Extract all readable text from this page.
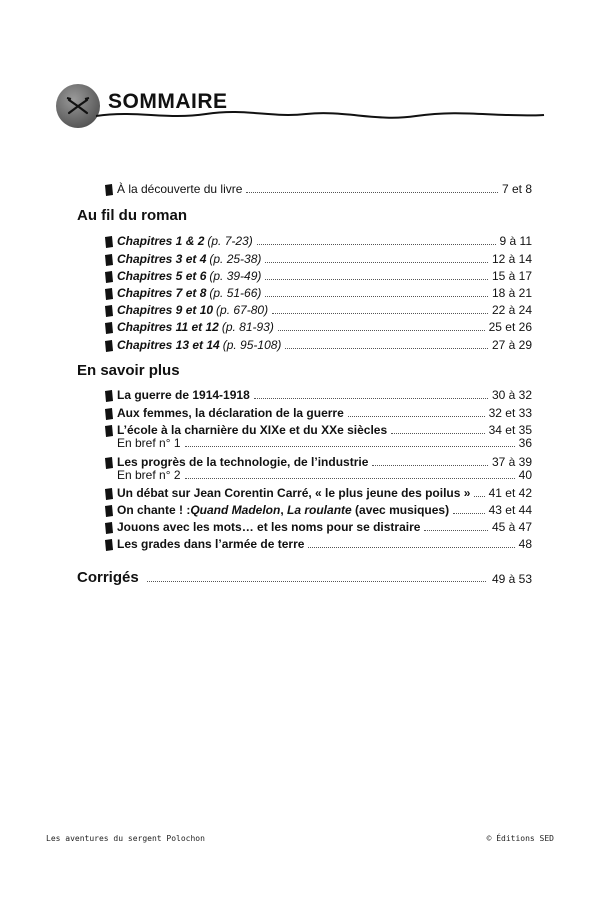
SOMMAIRE
À la découverte du livre	7 et 8
Au fil du roman
Chapitres 1 & 2 (p. 7-23)	9 à 11
Chapitres 3 et 4 (p. 25-38)	12 à 14
Chapitres 5 et 6 (p. 39-49)	15 à 17
Chapitres 7 et 8 (p. 51-66)	18 à 21
Chapitres 9 et 10 (p. 67-80)	22 à 24
Chapitres 11 et 12 (p. 81-93)	25 et 26
Chapitres 13 et 14 (p. 95-108)	27 à 29
En savoir plus
La guerre de 1914-1918	30 à 32
Aux femmes, la déclaration de la guerre	32 et 33
L’école à la charnière du XIXe et du XXe siècles	34 et 35
En bref n° 1	36
Les progrès de la technologie, de l’industrie	37 à 39
En bref n° 2	40
Un débat sur Jean Corentin Carré, « le plus jeune des poilus » 41 et 42
On chante ! : Quand Madelon , La roulante (avec musiques)	43 et 44
Jouons avec les mots… et les noms pour se distraire	45 à 47
Les grades dans l’armée de terre	48
Corrigés	49 à 53
Les aventures du sergent Polochon	© Éditions SED
